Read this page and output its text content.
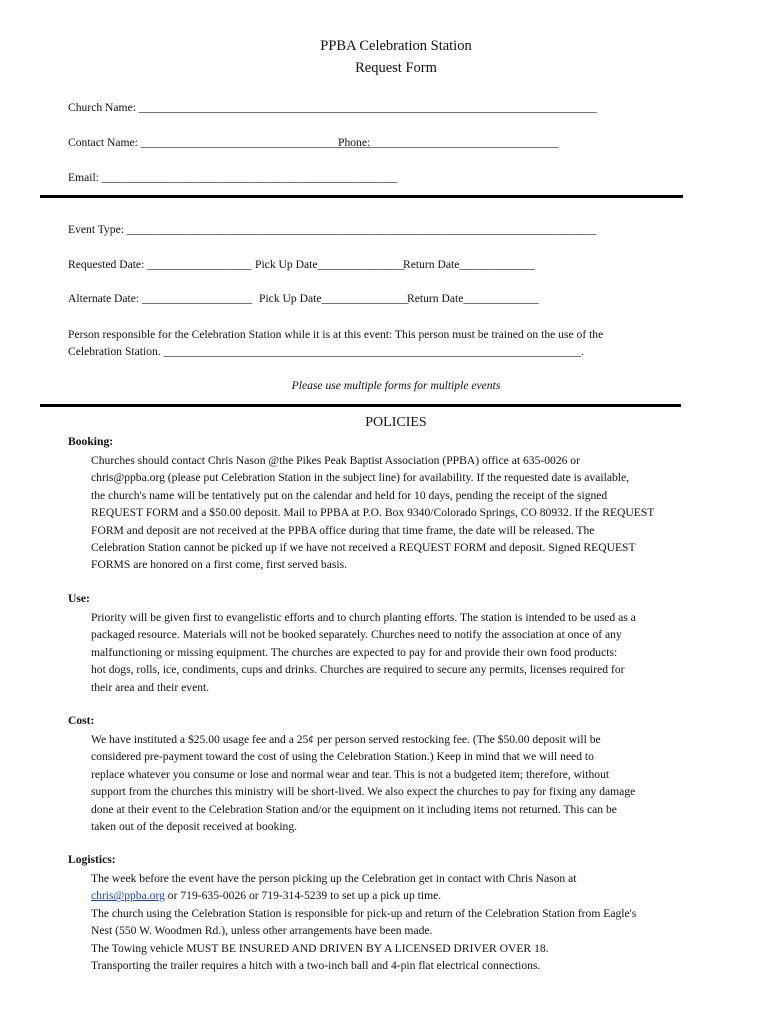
PPBA Celebration Station
Request Form
Church Name: _______________________________________________________________________________
Contact Name: ________________________________________
Phone: ________________________________
Email: ___________________________________________________
Event Type: _________________________________________________________________________________
Requested Date: __________________ Pick Up Date_______________
Return Date_____________
Alternate Date: ___________________ Pick Up Date_______________
Return Date_____________
Person responsible for the Celebration Station while it is at this event: This person must be trained on the use of the
Celebration Station. ________________________________________________________________________.
Please use multiple forms for multiple events
POLICIES
Booking:

Churches should contact Chris Nason @the Pikes Peak Baptist Association (PPBA) office at 635-0026 or

chris@ppba.org (please put Celebration Station in the subject line) for availability. If the requested date is available,

the church's name will be tentatively put on the calendar and held for 10 days, pending the receipt of the signed

REQUEST FORM and a $50.00 deposit. Mail to PPBA at P.O. Box 9340/Colorado Springs, CO 80932. If the REQUEST

FORM and deposit are not received at the PPBA office during that time frame, the date will be released. The

Celebration Station cannot be picked up if we have not received a REQUEST FORM and deposit. Signed REQUEST

FORMS are honored on a first come, first served basis.

Use:

Priority will be given first to evangelistic efforts and to church planting efforts. The station is intended to be used as a

packaged resource. Materials will not be booked separately. Churches need to notify the association at once of any

malfunctioning or missing equipment. The churches are expected to pay for and provide their own food products:

hot dogs, rolls, ice, condiments, cups and drinks. Churches are required to secure any permits, licenses required for

their area and their event.

Cost:

We have instituted a $25.00 usage fee and a 25¢ per person served restocking fee. (The $50.00 deposit will be

considered pre-payment toward the cost of using the Celebration Station.) Keep in mind that we will need to

replace whatever you consume or lose and normal wear and tear. This is not a budgeted item; therefore, without

support from the churches this ministry will be short-lived. We also expect the churches to pay for fixing any damage

done at their event to the Celebration Station and/or the equipment on it including items not returned. This can be

taken out of the deposit received at booking.

Logistics:

The week before the event have the person picking up the Celebration get in contact with Chris Nason at

chris@ppba.org or 719-635-0026 or 719-314-5239 to set up a pick up time.

The church using the Celebration Station is responsible for pick-up and return of the Celebration Station from Eagle's

Nest (550 W. Woodmen Rd.), unless other arrangements have been made.

The Towing vehicle MUST BE INSURED AND DRIVEN BY A LICENSED DRIVER OVER 18.

Transporting the trailer requires a hitch with a two-inch ball and 4-pin flat electrical connections.
